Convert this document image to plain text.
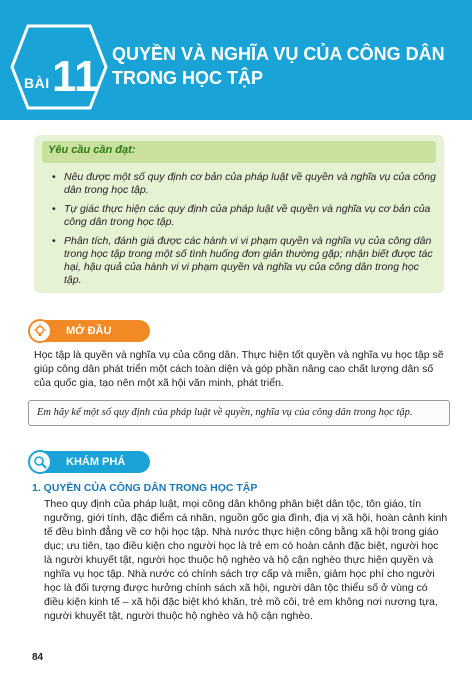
BÀI 11 QUYỀN VÀ NGHĨA VỤ CỦA CÔNG DÂN
TRONG HỌC TẬP
Yêu cầu cần đạt:
• Nêu được một số quy định cơ bản của pháp luật về quyền và nghĩa vụ của công dân trong học tập.
• Tự giác thực hiện các quy định của pháp luật về quyền và nghĩa vụ cơ bản của công dân trong học tập.
• Phân tích, đánh giá được các hành vi vi phạm quyền và nghĩa vụ của công dân trong học tập trong một số tình huống đơn giản thường gặp; nhận biết được tác hại, hậu quả của hành vi vi phạm quyền và nghĩa vụ của công dân trong học tập.
MỞ ĐẦU
Học tập là quyền và nghĩa vụ của công dân. Thực hiện tốt quyền và nghĩa vụ học tập sẽ giúp công dân phát triển một cách toàn diện và góp phần nâng cao chất lượng dân số của quốc gia, tạo nên một xã hội văn minh, phát triển.
Em hãy kể một số quy định của pháp luật về quyền, nghĩa vụ của công dân trong học tập.
KHÁM PHÁ
1. QUYỀN CỦA CÔNG DÂN TRONG HỌC TẬP
Theo quy định của pháp luật, mọi công dân không phân biệt dân tộc, tôn giáo, tín ngưỡng, giới tính, đặc điểm cá nhân, nguồn gốc gia đình, địa vị xã hội, hoàn cảnh kinh tế đều bình đẳng về cơ hội học tập. Nhà nước thực hiện công bằng xã hội trong giáo dục; ưu tiên, tạo điều kiện cho người học là trẻ em có hoàn cảnh đặc biệt, người học là người khuyết tật, người học thuộc hộ nghèo và hộ cận nghèo thực hiện quyền và nghĩa vụ học tập. Nhà nước có chính sách trợ cấp và miễn, giảm học phí cho người học là đối tượng được hưởng chính sách xã hội, người dân tộc thiểu số ở vùng có điều kiện kinh tế – xã hội đặc biệt khó khăn, trẻ mồ côi, trẻ em không nơi nương tựa, người khuyết tật, người thuộc hộ nghèo và hộ cận nghèo.
84
